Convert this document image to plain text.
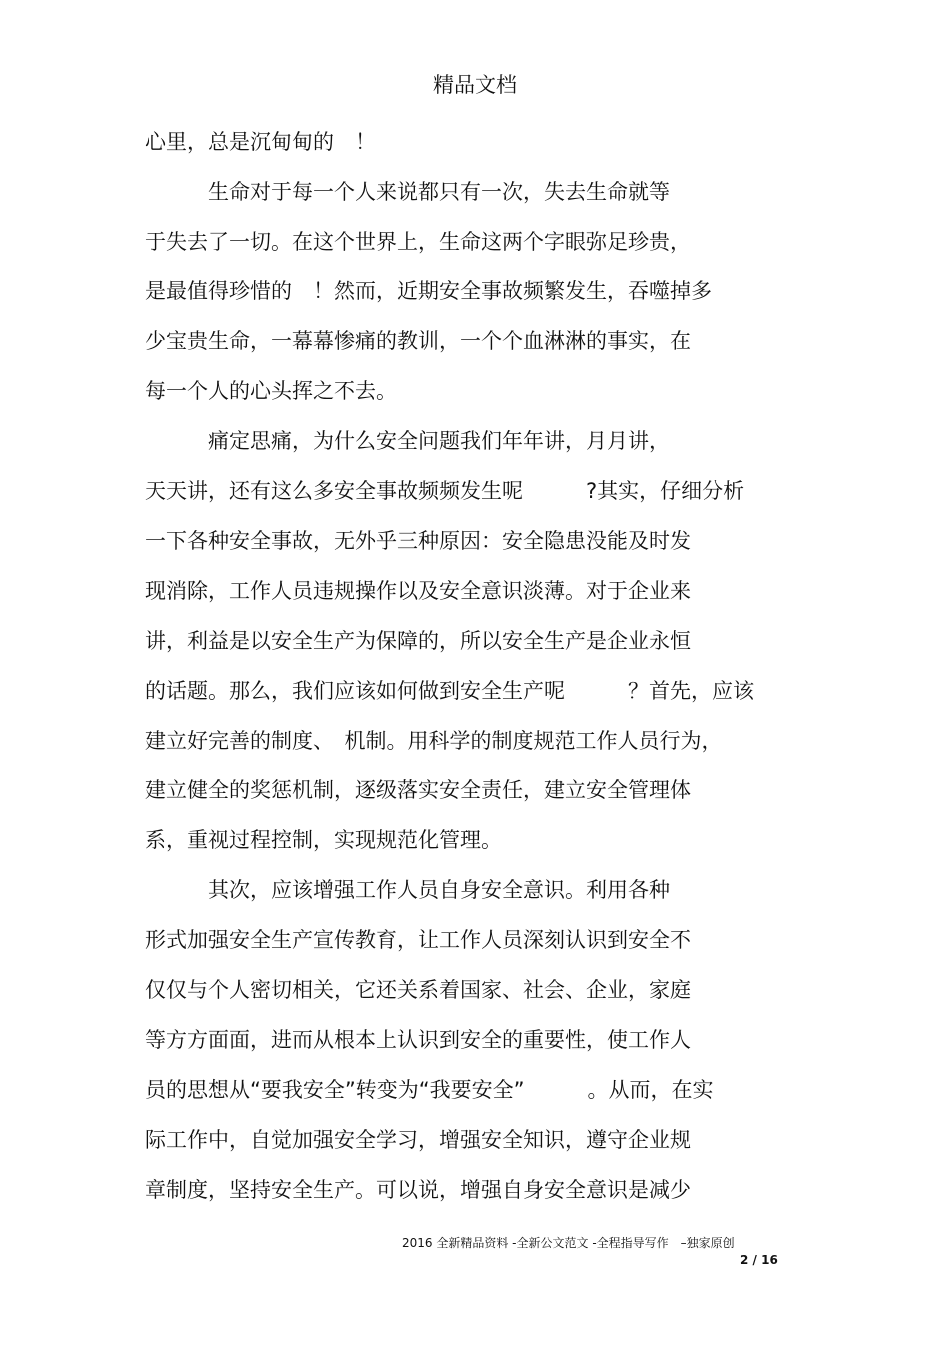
精品文档
心里，总是沉甸甸的　！
　　　生命对于每一个人来说都只有一次，失去生命就等
于失去了一切。在这个世界上，生命这两个字眼弥足珍贵，
是最值得珍惜的　！然而，近期安全事故频繁发生，吞噬掉多
少宝贵生命，一幕幕惨痛的教训，一个个血淋淋的事实，在
每一个人的心头挥之不去。
　　　痛定思痛，为什么安全问题我们年年讲，月月讲，
天天讲，还有这么多安全事故频频发生呢　　　?其实，仔细分析
一下各种安全事故，无外乎三种原因：安全隐患没能及时发
现消除，工作人员违规操作以及安全意识淡薄。对于企业来
讲，利益是以安全生产为保障的，所以安全生产是企业永恒
的话题。那么，我们应该如何做到安全生产呢　　　？首先，应该
建立好完善的制度、　机制。用科学的制度规范工作人员行为，
建立健全的奖惩机制，逐级落实安全责任，建立安全管理体
系，重视过程控制，实现规范化管理。
　　　其次，应该增强工作人员自身安全意识。利用各种
形式加强安全生产宣传教育，让工作人员深刻认识到安全不
仅仅与个人密切相关，它还关系着国家、社会、企业，家庭
等方方面面，进而从根本上认识到安全的重要性，使工作人
员的思想从“要我安全”转变为“我要安全”　　　。从而，在实
际工作中，自觉加强安全学习，增强安全知识，遵守企业规
章制度，坚持安全生产。可以说，增强自身安全意识是减少
2016 全新精品资料 -全新公文范文 -全程指导写作　–独家原创
2 / 16
